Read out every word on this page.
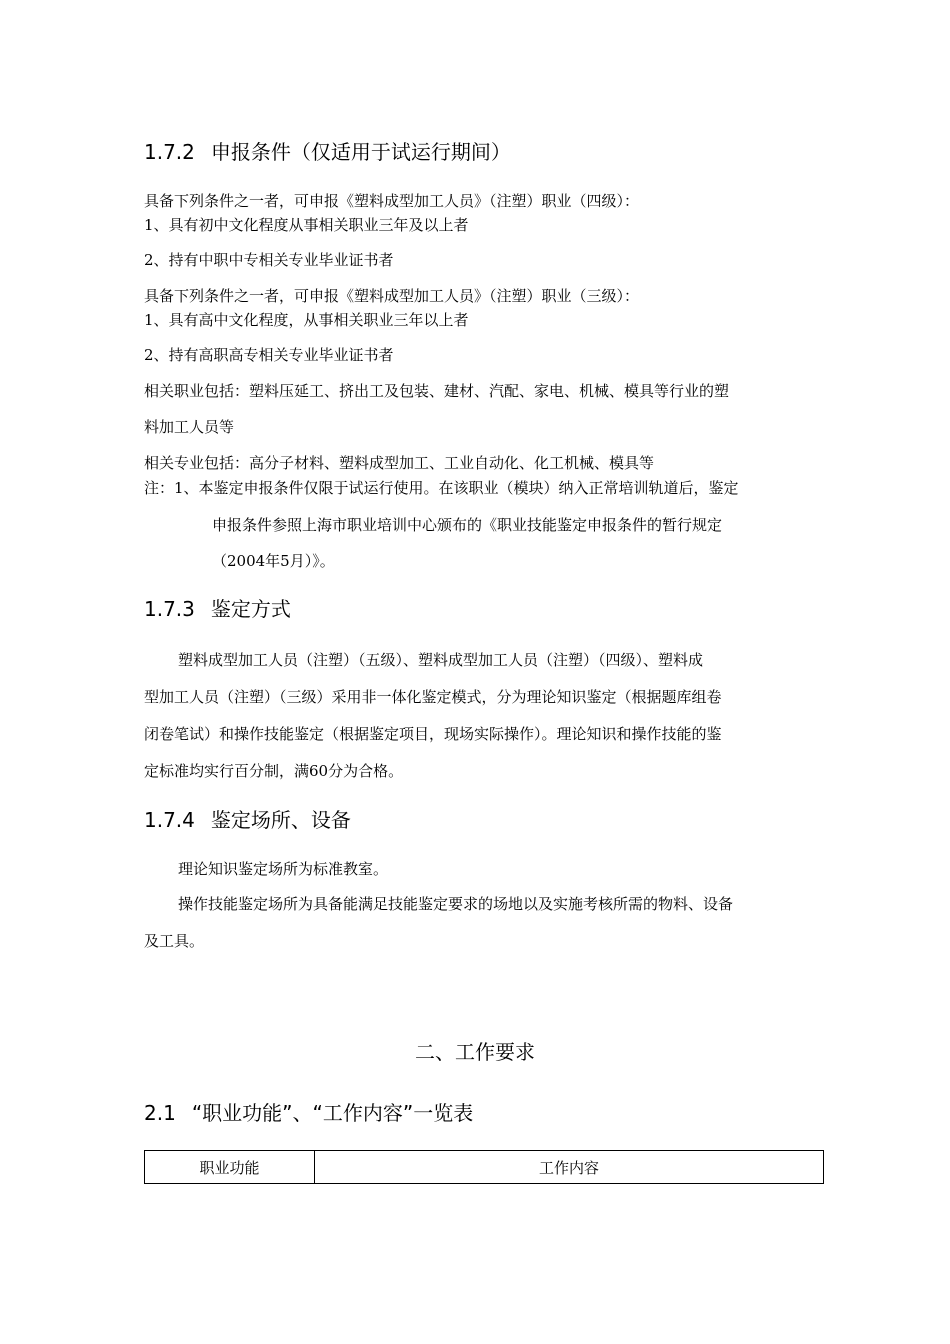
1.7.2 申报条件（仅适用于试运行期间）
具备下列条件之一者，可申报《塑料成型加工人员》（注塑）职业（四级）：
1、具有初中文化程度从事相关职业三年及以上者
2、持有中职中专相关专业毕业证书者
具备下列条件之一者，可申报《塑料成型加工人员》（注塑）职业（三级）：
1、具有高中文化程度，从事相关职业三年以上者
2、持有高职高专相关专业毕业证书者
相关职业包括：塑料压延工、挤出工及包装、建材、汽配、家电、机械、模具等行业的塑
料加工人员等
相关专业包括：高分子材料、塑料成型加工、工业自动化、化工机械、模具等
注：1、本鉴定申报条件仅限于试运行使用。在该职业（模块）纳入正常培训轨道后，鉴定
申报条件参照上海市职业培训中心颁布的《职业技能鉴定申报条件的暂行规定
（2004年5月）》。
1.7.3 鉴定方式
塑料成型加工人员（注塑）（五级）、塑料成型加工人员（注塑）（四级）、塑料成
型加工人员（注塑）（三级）采用非一体化鉴定模式，分为理论知识鉴定（根据题库组卷
闭卷笔试）和操作技能鉴定（根据鉴定项目，现场实际操作）。理论知识和操作技能的鉴
定标准均实行百分制，满60分为合格。
1.7.4 鉴定场所、设备
理论知识鉴定场所为标准教室。
操作技能鉴定场所为具备能满足技能鉴定要求的场地以及实施考核所需的物料、设备
及工具。
二、工作要求
2.1 “职业功能”、“工作内容”一览表
职业功能	工作内容
